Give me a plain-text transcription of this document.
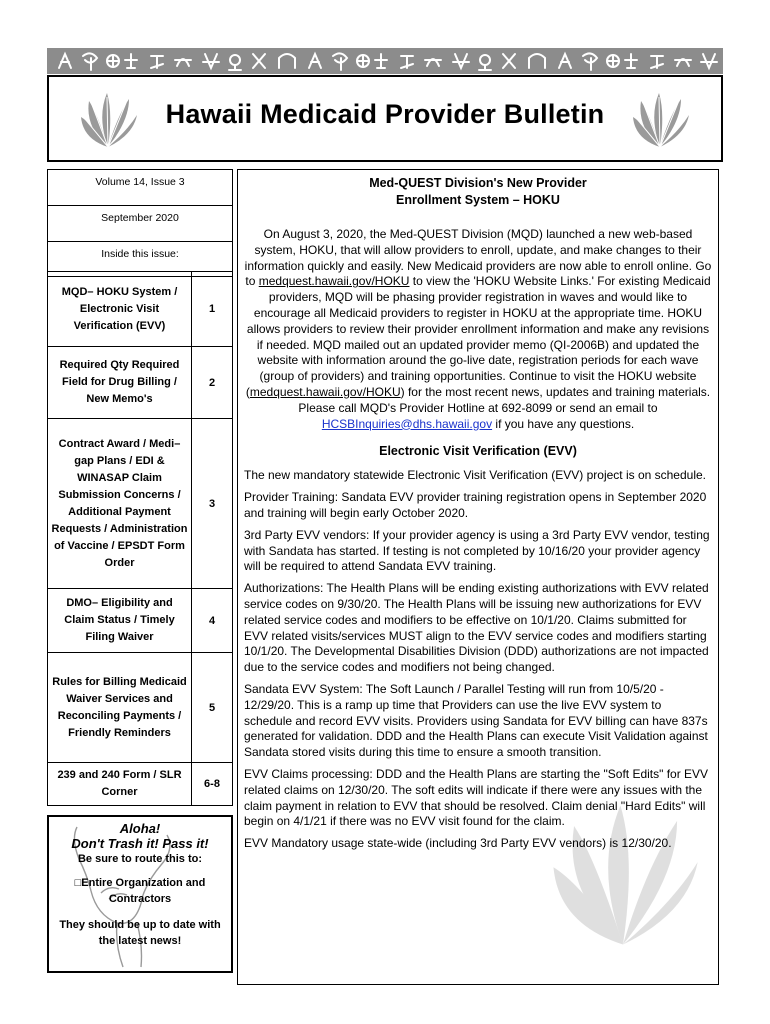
Hawaii Medicaid Provider Bulletin
Volume 14, Issue 3
September 2020
Inside this issue:
MQD– HOKU System / Electronic Visit Verification (EVV)
1
Required Qty Required Field for Drug Billing / New Memo's
2
Contract Award / Medi–gap Plans / EDI & WINASAP Claim Submission Concerns / Additional Payment Requests / Administration of Vaccine / EPSDT Form Order
3
DMO– Eligibility and Claim Status / Timely Filing Waiver
4
Rules for Billing Medicaid Waiver Services and Reconciling Payments / Friendly Reminders
5
239 and 240 Form / SLR Corner
6-8
Aloha!
Don't Trash it! Pass it!
Be sure to route this to:
□Entire Organization and Contractors
They should be up to date with the latest news!
Med-QUEST Division's New Provider
Enrollment System – HOKU
On August 3, 2020, the Med-QUEST Division (MQD) launched a new web-based system, HOKU, that will allow providers to enroll, update, and make changes to their information quickly and easily. New Medicaid providers are now able to enroll online. Go to medquest.hawaii.gov/HOKU to view the 'HOKU Website Links.' For existing Medicaid providers, MQD will be phasing provider registration in waves and would like to encourage all Medicaid providers to register in HOKU at the appropriate time. HOKU allows providers to review their provider enrollment information and make any revisions if needed. MQD mailed out an updated provider memo (QI-2006B) and updated the website with information around the go-live date, registration periods for each wave (group of providers) and training opportunities. Continue to visit the HOKU website (medquest.hawaii.gov/HOKU) for the most recent news, updates and training materials. Please call MQD's Provider Hotline at 692-8099 or send an email to HCSBInquiries@dhs.hawaii.gov if you have any questions.
Electronic Visit Verification (EVV)
The new mandatory statewide Electronic Visit Verification (EVV) project is on schedule.
Provider Training: Sandata EVV provider training registration opens in September 2020 and training will begin early October 2020.
3rd Party EVV vendors: If your provider agency is using a 3rd Party EVV vendor, testing with Sandata has started. If testing is not completed by 10/16/20 your provider agency will be required to attend Sandata EVV training.
Authorizations: The Health Plans will be ending existing authorizations with EVV related service codes on 9/30/20. The Health Plans will be issuing new authorizations for EVV related service codes and modifiers to be effective on 10/1/20. Claims submitted for EVV related visits/services MUST align to the EVV service codes and modifiers starting 10/1/20. The Developmental Disabilities Division (DDD) authorizations are not impacted due to the service codes and modifiers not being changed.
Sandata EVV System: The Soft Launch / Parallel Testing will run from 10/5/20 - 12/29/20. This is a ramp up time that Providers can use the live EVV system to schedule and record EVV visits. Providers using Sandata for EVV billing can have 837s generated for validation. DDD and the Health Plans can execute Visit Validation against Sandata stored visits during this time to ensure a smooth transition.
EVV Claims processing: DDD and the Health Plans are starting the "Soft Edits" for EVV related claims on 12/30/20. The soft edits will indicate if there were any issues with the claim payment in relation to EVV that should be resolved. Claim denial "Hard Edits" will begin on 4/1/21 if there was no EVV visit found for the claim.
EVV Mandatory usage state-wide (including 3rd Party EVV vendors) is 12/30/20.
